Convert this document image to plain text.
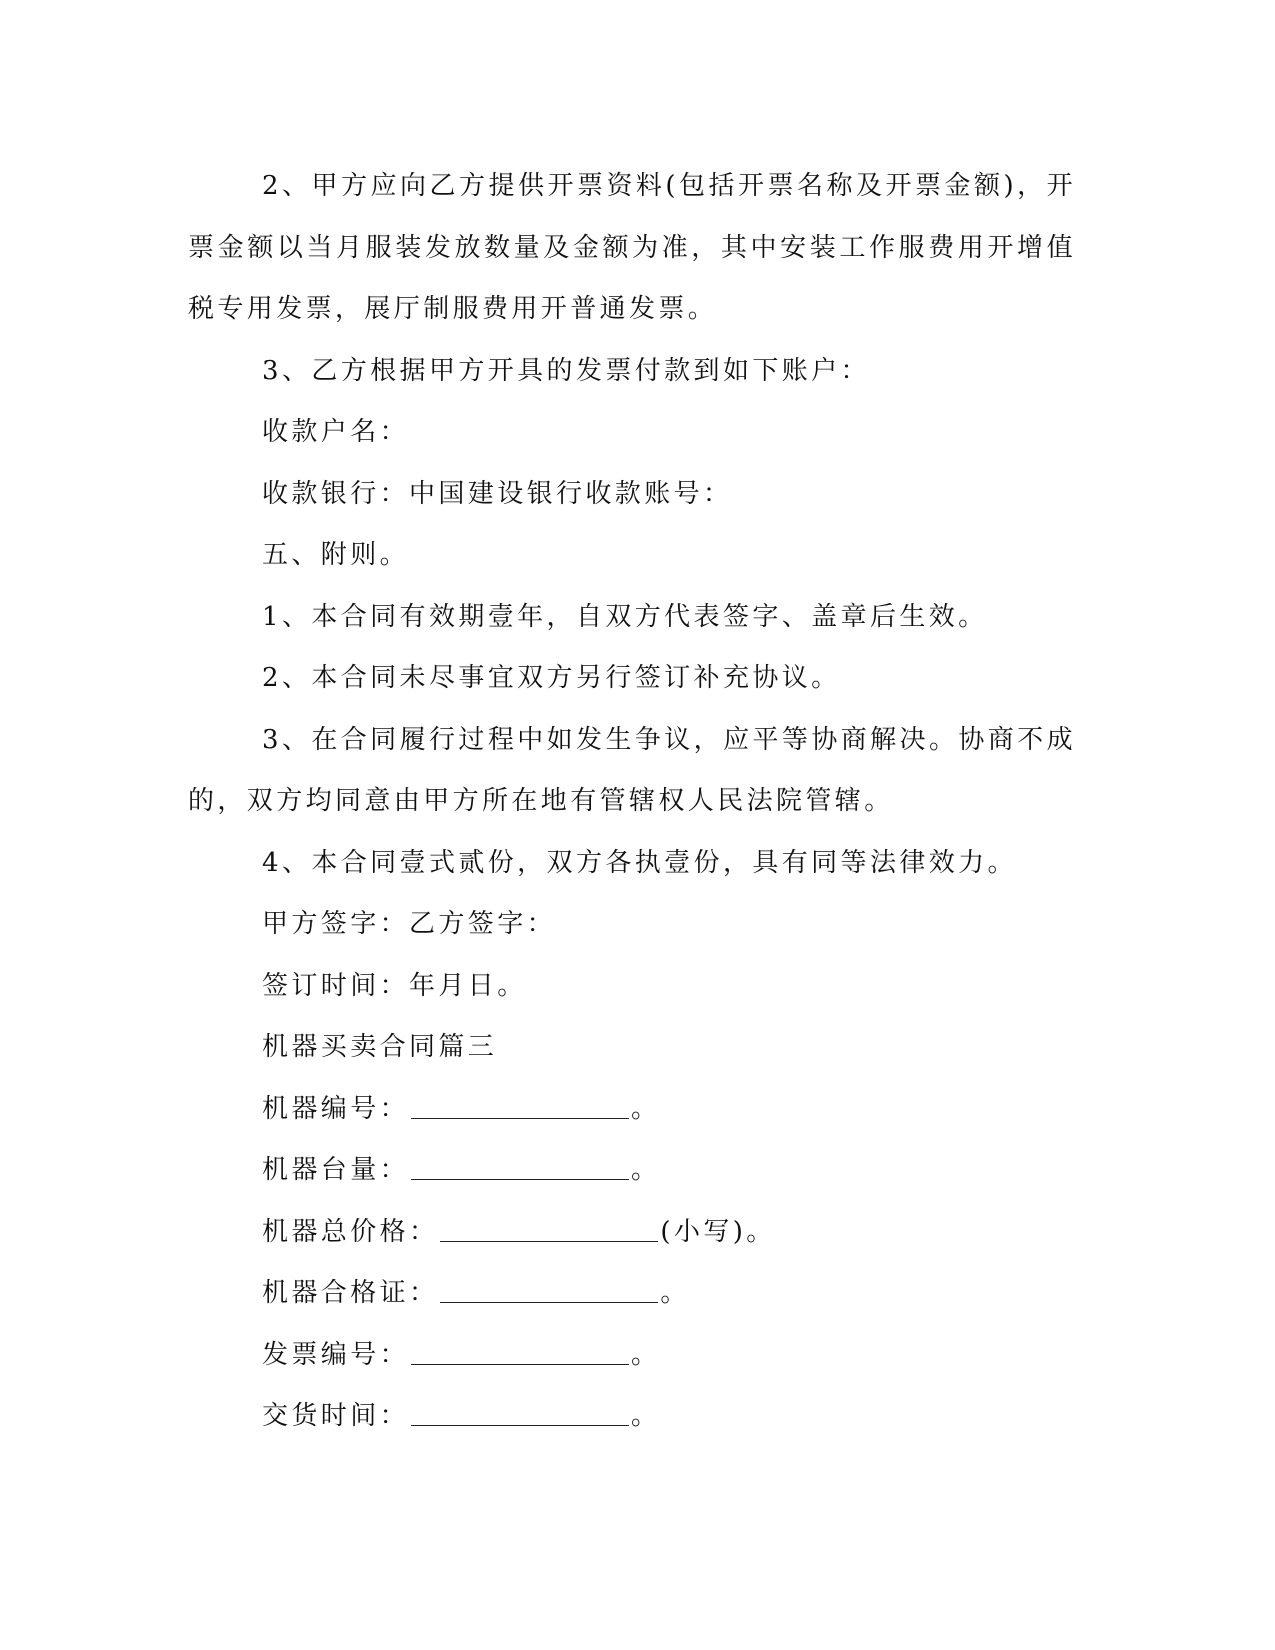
2、甲方应向乙方提供开票资料(包括开票名称及开票金额)，开票金额以当月服装发放数量及金额为准，其中安装工作服费用开增值税专用发票，展厅制服费用开普通发票。

3、乙方根据甲方开具的发票付款到如下账户：

收款户名：

收款银行：中国建设银行收款账号：

五、附则。

1、本合同有效期壹年，自双方代表签字、盖章后生效。

2、本合同未尽事宜双方另行签订补充协议。

3、在合同履行过程中如发生争议，应平等协商解决。协商不成的，双方均同意由甲方所在地有管辖权人民法院管辖。

4、本合同壹式贰份，双方各执壹份，具有同等法律效力。

甲方签字：乙方签字：

签订时间：年月日。

机器买卖合同篇三

机器编号：	。

机器台量：	。

机器总价格：	(小写)。

机器合格证：	。

发票编号：	。

交货时间：	。
